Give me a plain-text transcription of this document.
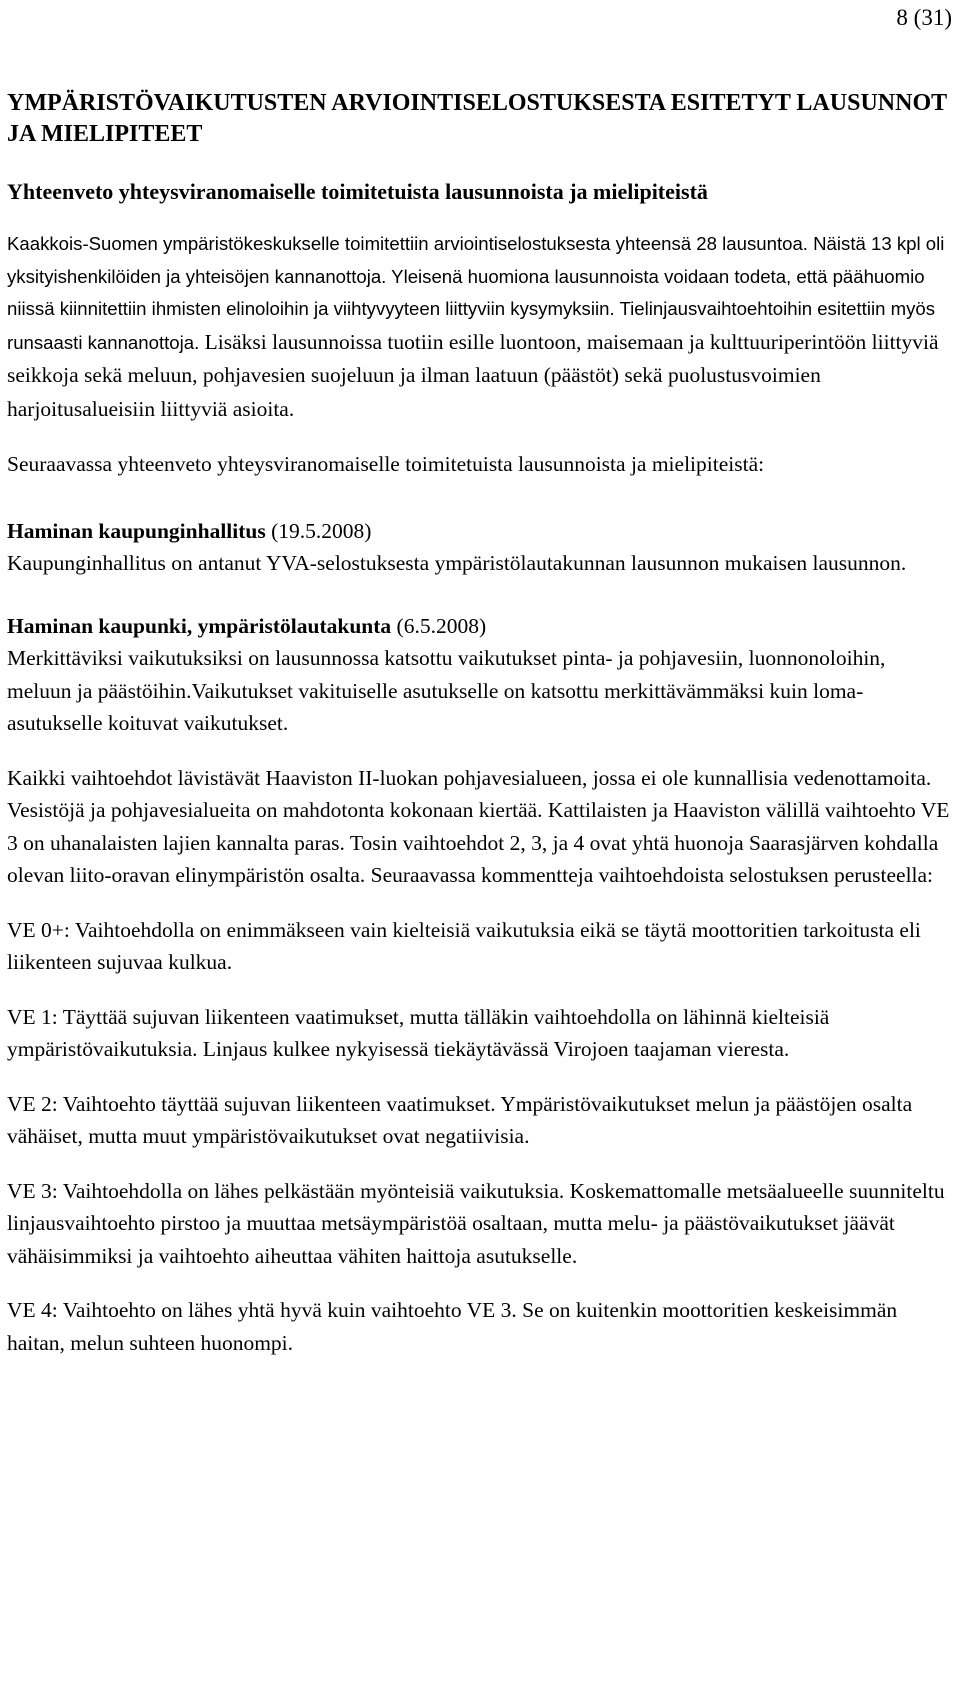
8 (31)
YMPÄRISTÖVAIKUTUSTEN ARVIOINTISELOSTUKSESTA ESITETYT LAUSUNNOT JA MIELIPITEET
Yhteenveto yhteysviranomaiselle toimitetuista lausunnoista ja mielipiteistä

Kaakkois-Suomen ympäristökeskukselle toimitettiin arviointiselostuksesta yhteensä 28 lausuntoa. Näistä 13 kpl oli yksityishenkilöiden ja yhteisöjen kannanottoja. Yleisenä huomiona lausunnoista voidaan todeta, että päähuomio niissä kiinnitettiin ihmisten elinoloihin ja viihtyvyyteen liittyviin kysymyksiin. Tielinjausvaihtoehtoihin esitettiin myös runsaasti kannanottoja. Lisäksi lausunnoissa tuotiin esille luontoon, maisemaan ja kulttuuriperintöön liittyviä seikkoja sekä meluun, pohjavesien suojeluun ja ilman laatuun (päästöt) sekä puolustusvoimien harjoitusalueisiin liittyviä asioita.

Seuraavassa yhteenveto yhteysviranomaiselle toimitetuista lausunnoista ja mielipiteistä:

Haminan kaupunginhallitus (19.5.2008)

Kaupunginhallitus on antanut YVA-selostuksesta ympäristölautakunnan lausunnon mukaisen lausunnon.

Haminan kaupunki, ympäristölautakunta (6.5.2008)

Merkittäviksi vaikutuksiksi on lausunnossa katsottu vaikutukset pinta- ja pohjavesiin, luonnonoloihin, meluun ja päästöihin.Vaikutukset vakituiselle asutukselle on katsottu merkittävämmäksi kuin loma-asutukselle koituvat vaikutukset.

Kaikki vaihtoehdot lävistävät Haaviston II-luokan pohjavesialueen, jossa ei ole kunnallisia vedenottamoita. Vesistöjä ja pohjavesialueita on mahdotonta kokonaan kiertää. Kattilaisten ja Haaviston välillä vaihtoehto VE 3 on uhanalaisten lajien kannalta paras. Tosin vaihtoehdot 2, 3, ja 4 ovat yhtä huonoja Saarasjärven kohdalla olevan liito-oravan elinympäristön osalta. Seuraavassa kommentteja vaihtoehdoista selostuksen perusteella:

VE 0+: Vaihtoehdolla on enimmäkseen vain kielteisiä vaikutuksia eikä se täytä moottoritien tarkoitusta eli liikenteen sujuvaa kulkua.

VE 1: Täyttää sujuvan liikenteen vaatimukset, mutta tälläkin vaihtoehdolla on lähinnä kielteisiä ympäristövaikutuksia. Linjaus kulkee nykyisessä tiekäytävässä Virojoen taajaman vieresta.

VE 2: Vaihtoehto täyttää sujuvan liikenteen vaatimukset. Ympäristövaikutukset melun ja päästöjen osalta vähäiset, mutta muut ympäristövaikutukset ovat negatiivisia.

VE 3: Vaihtoehdolla on lähes pelkästään myönteisiä vaikutuksia. Koskemattomalle metsäalueelle suunniteltu linjausvaihtoehto pirstoo ja muuttaa metsäympäristöä osaltaan, mutta melu- ja päästövaikutukset jäävät vähäisimmiksi ja vaihtoehto aiheuttaa vähiten haittoja asutukselle.

VE 4: Vaihtoehto on lähes yhtä hyvä kuin vaihtoehto VE 3. Se on kuitenkin moottoritien keskeisimmän haitan, melun suhteen huonompi.
